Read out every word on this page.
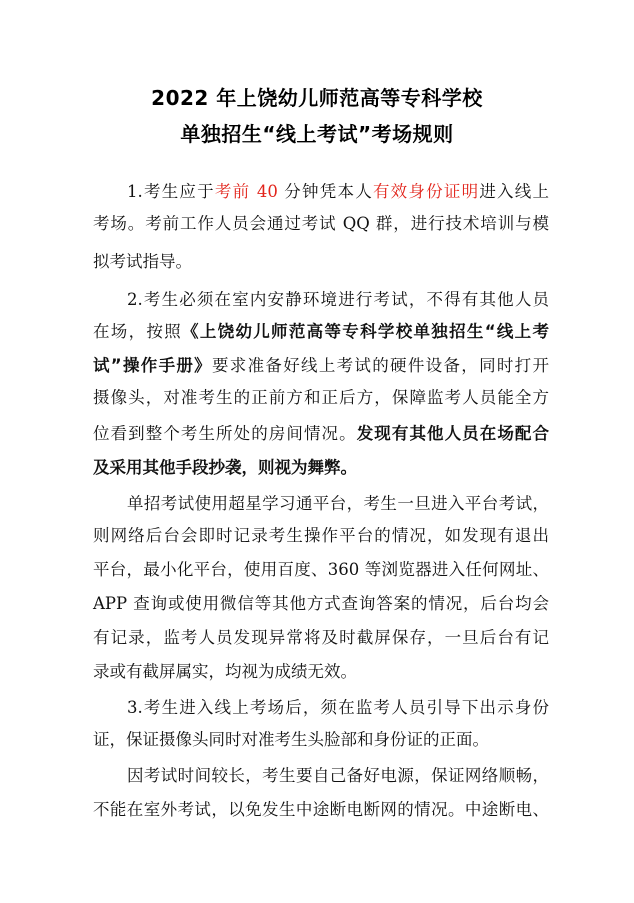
2022 年上饶幼儿师范高等专科学校
单独招生“线上考试”考场规则
1.考生应于考前 40 分钟凭本人有效身份证明进入线上
考场。考前工作人员会通过考试 QQ 群，进行技术培训与模
拟考试指导。
2.考生必须在室内安静环境进行考试，不得有其他人员
在场，按照《上饶幼儿师范高等专科学校单独招生“线上考
试”操作手册》要求准备好线上考试的硬件设备，同时打开
摄像头，对准考生的正前方和正后方，保障监考人员能全方
位看到整个考生所处的房间情况。发现有其他人员在场配合
及采用其他手段抄袭，则视为舞弊。
单招考试使用超星学习通平台，考生一旦进入平台考试，
则网络后台会即时记录考生操作平台的情况，如发现有退出
平台，最小化平台，使用百度、360 等浏览器进入任何网址、
APP 查询或使用微信等其他方式查询答案的情况，后台均会
有记录，监考人员发现异常将及时截屏保存，一旦后台有记
录或有截屏属实，均视为成绩无效。
3.考生进入线上考场后，须在监考人员引导下出示身份
证，保证摄像头同时对准考生头脸部和身份证的正面。
因考试时间较长，考生要自己备好电源，保证网络顺畅，
不能在室外考试，以免发生中途断电断网的情况。中途断电、
